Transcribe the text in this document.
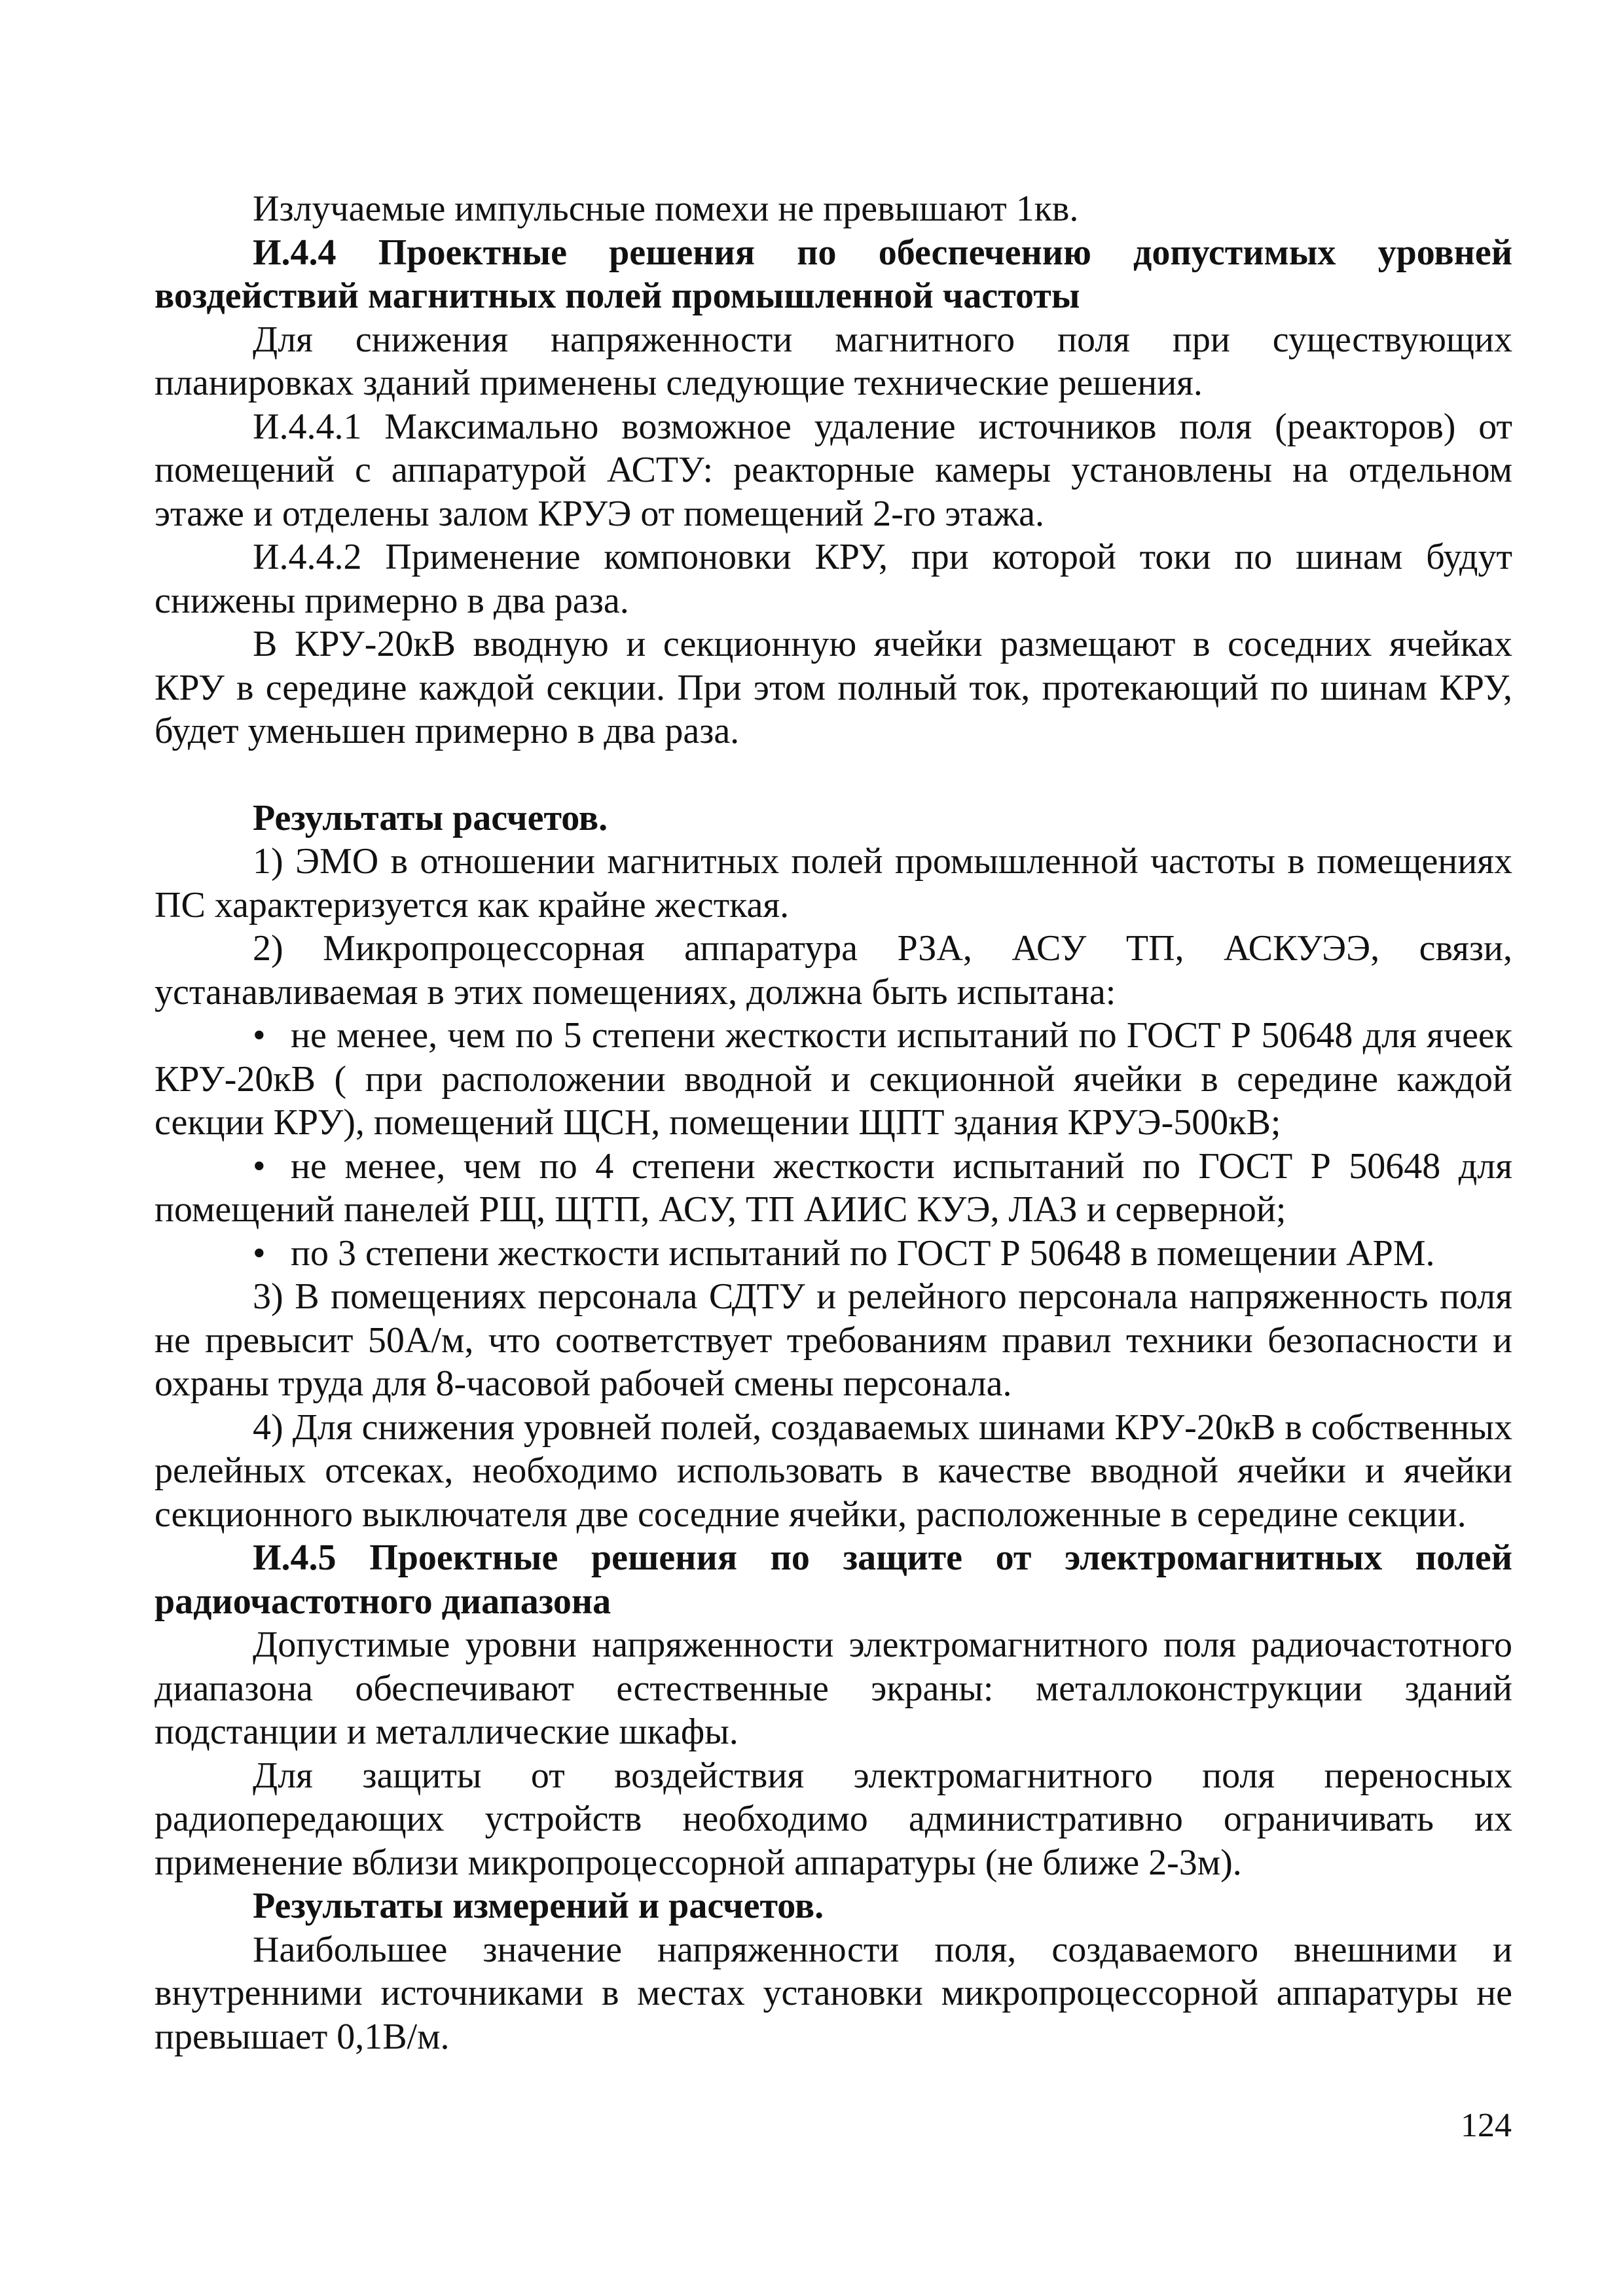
Излучаемые импульсные помехи не превышают 1кв.

И.4.4 Проектные решения по обеспечению допустимых уровней воздействий магнитных полей промышленной частоты

Для снижения напряженности магнитного поля при существующих планировках зданий применены следующие технические решения.

И.4.4.1 Максимально возможное удаление источников поля (реакторов) от помещений с аппаратурой АСТУ: реакторные камеры установлены на отдельном этаже и отделены залом КРУЭ от помещений 2-го этажа.

И.4.4.2 Применение компоновки КРУ, при которой токи по шинам будут снижены примерно в два раза.

В КРУ-20кВ вводную и секционную ячейки размещают в соседних ячейках КРУ в середине каждой секции. При этом полный ток, протекающий по шинам КРУ, будет уменьшен примерно в два раза.

Результаты расчетов.

1) ЭМО в отношении магнитных полей промышленной частоты в помещениях ПС характеризуется как крайне жесткая.

2) Микропроцессорная аппаратура РЗА, АСУ ТП, АСКУЭЭ, связи, устанавливаемая в этих помещениях, должна быть испытана:

• не менее, чем по 5 степени жесткости испытаний по ГОСТ Р 50648 для ячеек КРУ-20кВ ( при расположении вводной и секционной ячейки в середине каждой секции КРУ), помещений ЩСН, помещении ЩПТ здания КРУЭ-500кВ;

• не менее, чем по 4 степени жесткости испытаний по ГОСТ Р 50648 для помещений панелей РЩ, ЩТП, АСУ, ТП АИИС КУЭ, ЛАЗ и серверной;

• по 3 степени жесткости испытаний по ГОСТ Р 50648 в помещении АРМ.

3) В помещениях персонала СДТУ и релейного персонала напряженность поля не превысит 50А/м, что соответствует требованиям правил техники безопасности и охраны труда для 8-часовой рабочей смены персонала.

4) Для снижения уровней полей, создаваемых шинами КРУ-20кВ в собственных релейных отсеках, необходимо использовать в качестве вводной ячейки и ячейки секционного выключателя две соседние ячейки, расположенные в середине секции.

И.4.5 Проектные решения по защите от электромагнитных полей радиочастотного диапазона

Допустимые уровни напряженности электромагнитного поля радиочастотного диапазона обеспечивают естественные экраны: металлоконструкции зданий подстанции и металлические шкафы.

Для защиты от воздействия электромагнитного поля переносных радиопередающих устройств необходимо административно ограничивать их применение вблизи микропроцессорной аппаратуры (не ближе 2-3м).

Результаты измерений и расчетов.

Наибольшее значение напряженности поля, создаваемого внешними и внутренними источниками в местах установки микропроцессорной аппаратуры не превышает 0,1В/м.

124
